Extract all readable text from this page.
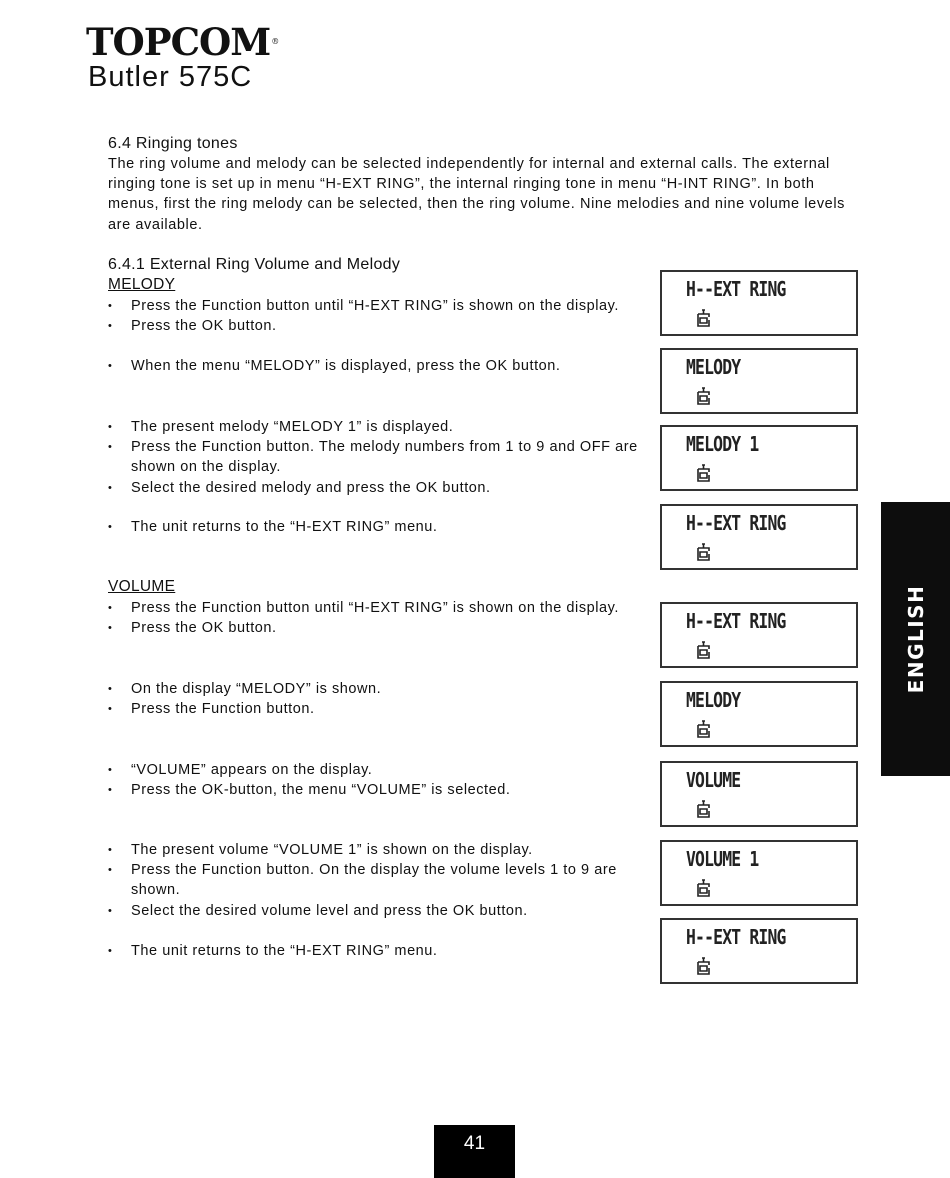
TOPCOM®
Butler 575C
6.4 Ringing tones
The ring volume and melody can be selected independently for internal and external calls. The external ringing tone is set up in menu “H-EXT RING”, the internal ringing tone in menu “H-INT RING”. In both menus, first the ring melody can be selected, then the ring volume. Nine melodies and nine volume levels are available.
6.4.1 External Ring Volume and Melody
MELODY
• Press the Function button until “H-EXT RING” is shown on the display.
• Press the OK button.
• When the menu “MELODY” is displayed, press the OK button.
• The present melody “MELODY 1” is displayed.
• Press the Function button. The melody numbers from 1 to 9 and OFF are shown on the display.
• Select the desired melody and press the OK button.
• The unit returns to the “H-EXT RING” menu.
VOLUME
• Press the Function button until “H-EXT RING” is shown on the display.
• Press the OK button.
• On the display “MELODY” is shown.
• Press the Function button.
• “VOLUME” appears on the display.
• Press the OK-button, the menu “VOLUME” is selected.
• The present volume “VOLUME 1” is shown on the display.
• Press the Function button. On the display the volume levels 1 to 9 are shown.
• Select the desired volume level and press the OK button.
• The unit returns to the “H-EXT RING” menu.
H--EXT RING
MELODY
MELODY 1
H--EXT RING
H--EXT RING
MELODY
VOLUME
VOLUME 1
H--EXT RING
ENGLISH
41
